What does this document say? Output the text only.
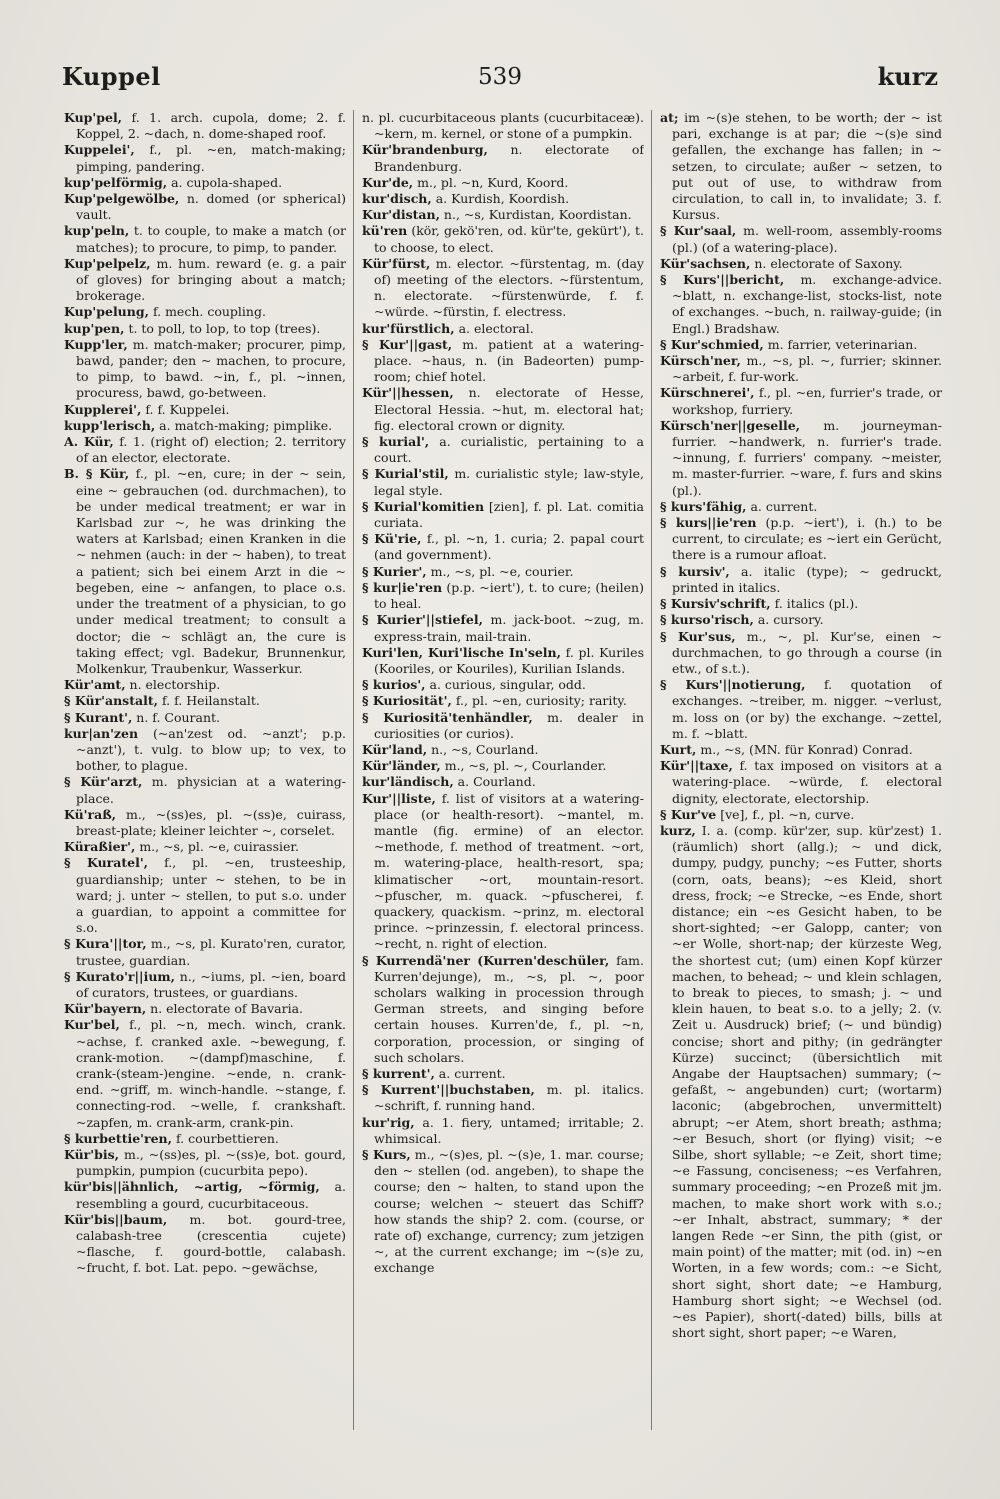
Kuppel	539	kurz

Kup'pel, f. 1. arch. cupola, dome; 2. f. Koppel, 2. ~dach, n. dome-shaped roof.

Kuppelei', f., pl. ~en, match-making; pimping, pandering.

kup'pelförmig, a. cupola-shaped.

Kup'pelgewölbe, n. domed (or spherical) vault.

kup'peln, t. to couple, to make a match (or matches); to procure, to pimp, to pander.

Kup'pelpelz, m. hum. reward (e. g. a pair of gloves) for bringing about a match; brokerage.

Kup'pelung, f. mech. coupling.

kup'pen, t. to poll, to lop, to top (trees).

Kupp'ler, m. match-maker; procurer, pimp, bawd, pander; den ~ machen, to procure, to pimp, to bawd. ~in, f., pl. ~innen, procuress, bawd, go-between.

Kupplerei', f. f. Kuppelei.

kupp'lerisch, a. match-making; pimplike.

A. Kür, f. 1. (right of) election; 2. territory of an elector, electorate.

B. § Kür, f., pl. ~en, cure; in der ~ sein, eine ~ gebrauchen (od. durchmachen), to be under medical treatment; er war in Karlsbad zur ~, he was drinking the waters at Karlsbad; einen Kranken in die ~ nehmen (auch: in der ~ haben), to treat a patient; sich bei einem Arzt in die ~ begeben, eine ~ anfangen, to place o.s. under the treatment of a physician, to go under medical treatment; to consult a doctor; die ~ schlägt an, the cure is taking effect; vgl. Badekur, Brunnenkur, Molkenkur, Traubenkur, Wasserkur.

Kür'amt, n. electorship.

§ Kür'anstalt, f. f. Heilanstalt.

§ Kurant', n. f. Courant.

kur|an'zen (~an'zest od. ~anzt'; p.p. ~anzt'), t. vulg. to blow up; to vex, to bother, to plague.

§ Kür'arzt, m. physician at a watering-place.

Kü'raß, m., ~(ss)es, pl. ~(ss)e, cuirass, breast-plate; kleiner leichter ~, corselet.

Küraßier', m., ~s, pl. ~e, cuirassier.

§ Kuratel', f., pl. ~en, trusteeship, guardianship; unter ~ stehen, to be in ward; j. unter ~ stellen, to put s.o. under a guardian, to appoint a committee for s.o.

§ Kura'||tor, m., ~s, pl. Kurato'ren, curator, trustee, guardian.

§ Kurato'r||ium, n., ~iums, pl. ~ien, board of curators, trustees, or guardians.

Kür'bayern, n. electorate of Bavaria.

Kur'bel, f., pl. ~n, mech. winch, crank. ~achse, f. cranked axle. ~bewegung, f. crank-motion. ~(dampf)maschine, f. crank-(steam-)engine. ~ende, n. crank-end. ~griff, m. winch-handle. ~stange, f. connecting-rod. ~welle, f. crankshaft. ~zapfen, m. crank-arm, crank-pin.

§ kurbettie'ren, f. courbettieren.

Kür'bis, m., ~(ss)es, pl. ~(ss)e, bot. gourd, pumpkin, pumpion (cucurbita pepo).

kür'bis||ähnlich, ~artig, ~förmig, a. resembling a gourd, cucurbitaceous.

Kür'bis||baum, m. bot. gourd-tree, calabash-tree (crescentia cujete) ~flasche, f. gourd-bottle, calabash. ~frucht, f. bot. Lat. pepo. ~gewächse,

n. pl. cucurbitaceous plants (cucurbitaceæ). ~kern, m. kernel, or stone of a pumpkin.

Kür'brandenburg, n. electorate of Brandenburg.

Kur'de, m., pl. ~n, Kurd, Koord.

kur'disch, a. Kurdish, Koordish.

Kur'distan, n., ~s, Kurdistan, Koordistan.

kü'ren (kör, gekö'ren, od. kür'te, gekürt'), t. to choose, to elect.

Kür'fürst, m. elector. ~fürstentag, m. (day of) meeting of the electors. ~fürstentum, n. electorate. ~fürstenwürde, f. f. ~würde. ~fürstin, f. electress.

kur'fürstlich, a. electoral.

§ Kur'||gast, m. patient at a watering-place. ~haus, n. (in Badeorten) pump-room; chief hotel.

Kür'||hessen, n. electorate of Hesse, Electoral Hessia. ~hut, m. electoral hat; fig. electoral crown or dignity.

§ kurial', a. curialistic, pertaining to a court.

§ Kurial'stil, m. curialistic style; law-style, legal style.

§ Kurial'komitien [zien], f. pl. Lat. comitia curiata.

§ Kü'rie, f., pl. ~n, 1. curia; 2. papal court (and government).

§ Kurier', m., ~s, pl. ~e, courier.

§ kur|ie'ren (p.p. ~iert'), t. to cure; (heilen) to heal.

§ Kurier'||stiefel, m. jack-boot. ~zug, m. express-train, mail-train.

Kuri'len, Kuri'lische In'seln, f. pl. Kuriles (Kooriles, or Kouriles), Kurilian Islands.

§ kurios', a. curious, singular, odd.

§ Kuriosität', f., pl. ~en, curiosity; rarity.

§ Kuriositä'tenhändler, m. dealer in curiosities (or curios).

Kür'land, n., ~s, Courland.

Kür'länder, m., ~s, pl. ~, Courlander.

kur'ländisch, a. Courland.

Kur'||liste, f. list of visitors at a watering-place (or health-resort). ~mantel, m. mantle (fig. ermine) of an elector. ~methode, f. method of treatment. ~ort, m. watering-place, health-resort, spa; klimatischer ~ort, mountain-resort. ~pfuscher, m. quack. ~pfuscherei, f. quackery, quackism. ~prinz, m. electoral prince. ~prinzessin, f. electoral princess. ~recht, n. right of election.

§ Kurrendä'ner (Kurren'deschüler, fam. Kurren'dejunge), m., ~s, pl. ~, poor scholars walking in procession through German streets, and singing before certain houses. Kurren'de, f., pl. ~n, corporation, procession, or singing of such scholars.

§ kurrent', a. current.

§ Kurrent'||buchstaben, m. pl. italics. ~schrift, f. running hand.

kur'rig, a. 1. fiery, untamed; irritable; 2. whimsical.

§ Kurs, m., ~(s)es, pl. ~(s)e, 1. mar. course; den ~ stellen (od. angeben), to shape the course; den ~ halten, to stand upon the course; welchen ~ steuert das Schiff? how stands the ship? 2. com. (course, or rate of) exchange, currency; zum jetzigen ~, at the current exchange; im ~(s)e zu, exchange

at; im ~(s)e stehen, to be worth; der ~ ist pari, exchange is at par; die ~(s)e sind gefallen, the exchange has fallen; in ~ setzen, to circulate; außer ~ setzen, to put out of use, to withdraw from circulation, to call in, to invalidate; 3. f. Kursus.

§ Kur'saal, m. well-room, assembly-rooms (pl.) (of a watering-place).

Kür'sachsen, n. electorate of Saxony.

§ Kurs'||bericht, m. exchange-advice. ~blatt, n. exchange-list, stocks-list, note of exchanges. ~buch, n. railway-guide; (in Engl.) Bradshaw.

§ Kur'schmied, m. farrier, veterinarian.

Kürsch'ner, m., ~s, pl. ~, furrier; skinner. ~arbeit, f. fur-work.

Kürschnerei', f., pl. ~en, furrier's trade, or workshop, furriery.

Kürsch'ner||geselle, m. journeyman-furrier. ~handwerk, n. furrier's trade. ~innung, f. furriers' company. ~meister, m. master-furrier. ~ware, f. furs and skins (pl.).

§ kurs'fähig, a. current.

§ kurs||ie'ren (p.p. ~iert'), i. (h.) to be current, to circulate; es ~iert ein Gerücht, there is a rumour afloat.

§ kursiv', a. italic (type); ~ gedruckt, printed in italics.

§ Kursiv'schrift, f. italics (pl.).

§ kurso'risch, a. cursory.

§ Kur'sus, m., ~, pl. Kur'se, einen ~ durchmachen, to go through a course (in etw., of s.t.).

§ Kurs'||notierung, f. quotation of exchanges. ~treiber, m. nigger. ~verlust, m. loss on (or by) the exchange. ~zettel, m. f. ~blatt.

Kurt, m., ~s, (MN. für Konrad) Conrad.

Kür'||taxe, f. tax imposed on visitors at a watering-place. ~würde, f. electoral dignity, electorate, electorship.

§ Kur've [ve], f., pl. ~n, curve.

kurz, I. a. (comp. kür'zer, sup. kür'zest) 1. (räumlich) short (allg.); ~ und dick, dumpy, pudgy, punchy; ~es Futter, shorts (corn, oats, beans); ~es Kleid, short dress, frock; ~e Strecke, ~es Ende, short distance; ein ~es Gesicht haben, to be short-sighted; ~er Galopp, canter; von ~er Wolle, short-nap; der kürzeste Weg, the shortest cut; (um) einen Kopf kürzer machen, to behead; ~ und klein schlagen, to break to pieces, to smash; j. ~ und klein hauen, to beat s.o. to a jelly; 2. (v. Zeit u. Ausdruck) brief; (~ und bündig) concise; short and pithy; (in gedrängter Kürze) succinct; (übersichtlich mit Angabe der Hauptsachen) summary; (~ gefaßt, ~ angebunden) curt; (wortarm) laconic; (abgebrochen, unvermittelt) abrupt; ~er Atem, short breath; asthma; ~er Besuch, short (or flying) visit; ~e Silbe, short syllable; ~e Zeit, short time; ~e Fassung, conciseness; ~es Verfahren, summary proceeding; ~en Prozeß mit jm. machen, to make short work with s.o.; ~er Inhalt, abstract, summary; * der langen Rede ~er Sinn, the pith (gist, or main point) of the matter; mit (od. in) ~en Worten, in a few words; com.: ~e Sicht, short sight, short date; ~e Hamburg, Hamburg short sight; ~e Wechsel (od. ~es Papier), short(-dated) bills, bills at short sight, short paper; ~e Waren,
